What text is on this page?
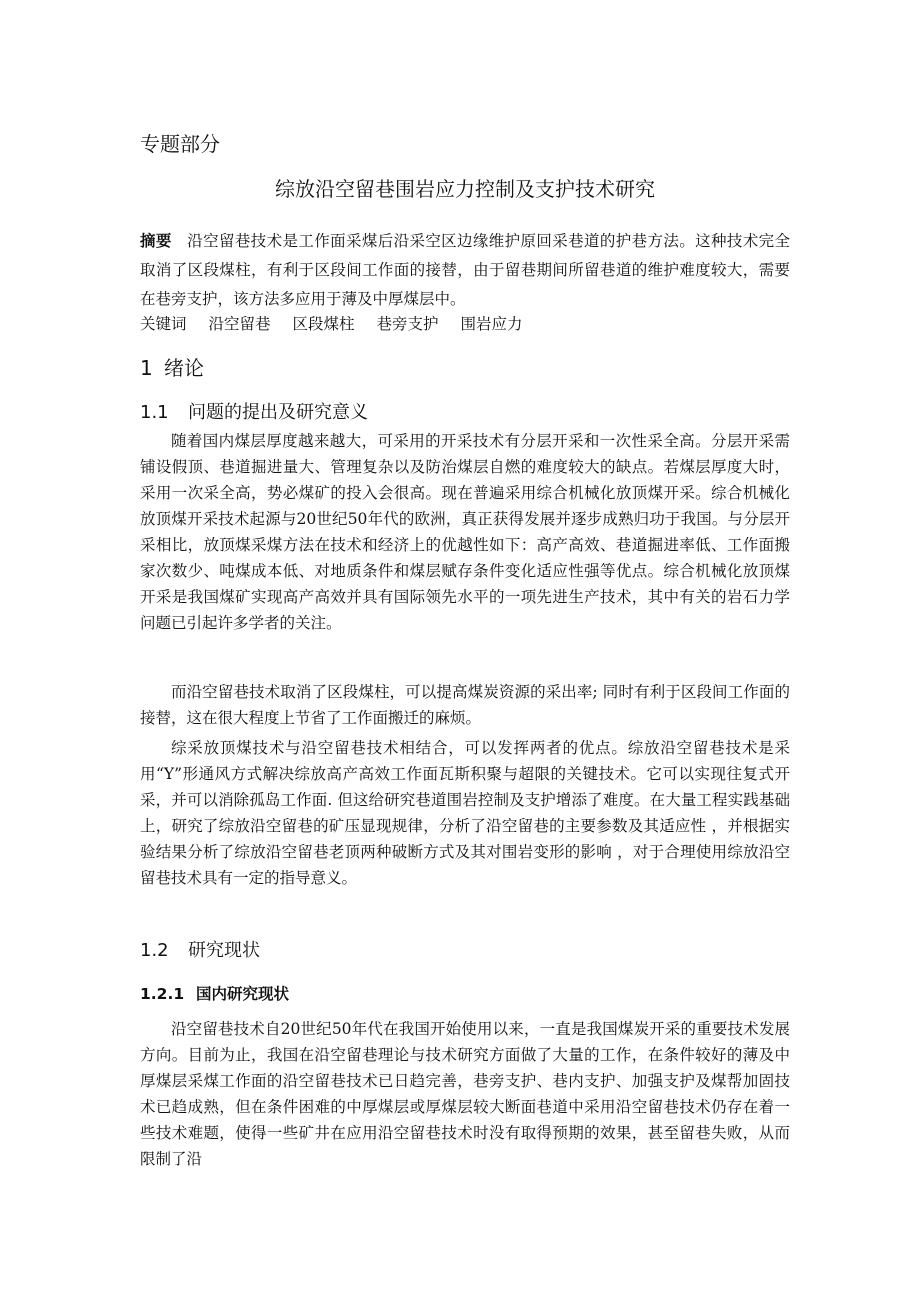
专题部分
综放沿空留巷围岩应力控制及支护技术研究

摘要 沿空留巷技术是工作面采煤后沿采空区边缘维护原回采巷道的护巷方法。这种技术完全取消了区段煤柱，有利于区段间工作面的接替，由于留巷期间所留巷道的维护难度较大，需要在巷旁支护，该方法多应用于薄及中厚煤层中。

关键词 沿空留巷 区段煤柱 巷旁支护 围岩应力
1 绪论
1.1 问题的提出及研究意义

随着国内煤层厚度越来越大，可采用的开采技术有分层开采和一次性采全高。分层开采需铺设假顶、巷道掘进量大、管理复杂以及防治煤层自燃的难度较大的缺点。若煤层厚度大时，采用一次采全高，势必煤矿的投入会很高。现在普遍采用综合机械化放顶煤开采。综合机械化放顶煤开采技术起源与20世纪50年代的欧洲，真正获得发展并逐步成熟归功于我国。与分层开采相比，放顶煤采煤方法在技术和经济上的优越性如下：高产高效、巷道掘进率低、工作面搬家次数少、吨煤成本低、对地质条件和煤层赋存条件变化适应性强等优点。综合机械化放顶煤开采是我国煤矿实现高产高效并具有国际领先水平的一项先进生产技术，其中有关的岩石力学问题已引起许多学者的关注。

而沿空留巷技术取消了区段煤柱，可以提高煤炭资源的采出率; 同时有利于区段间工作面的接替，这在很大程度上节省了工作面搬迁的麻烦。

综采放顶煤技术与沿空留巷技术相结合，可以发挥两者的优点。综放沿空留巷技术是采用“Y”形通风方式解决综放高产高效工作面瓦斯积聚与超限的关键技术。它可以实现往复式开采，并可以消除孤岛工作面. 但这给研究巷道围岩控制及支护增添了难度。在大量工程实践基础上，研究了综放沿空留巷的矿压显现规律，分析了沿空留巷的主要参数及其适应性 ，并根据实验结果分析了综放沿空留巷老顶两种破断方式及其对围岩变形的影响 ，对于合理使用综放沿空留巷技术具有一定的指导意义。

1.2 研究现状
1.2.1 国内研究现状

沿空留巷技术自20世纪50年代在我国开始使用以来，一直是我国煤炭开采的重要技术发展方向。目前为止，我国在沿空留巷理论与技术研究方面做了大量的工作，在条件较好的薄及中厚煤层采煤工作面的沿空留巷技术已日趋完善，巷旁支护、巷内支护、加强支护及煤帮加固技术已趋成熟，但在条件困难的中厚煤层或厚煤层较大断面巷道中采用沿空留巷技术仍存在着一些技术难题，使得一些矿井在应用沿空留巷技术时没有取得预期的效果，甚至留巷失败，从而限制了沿
